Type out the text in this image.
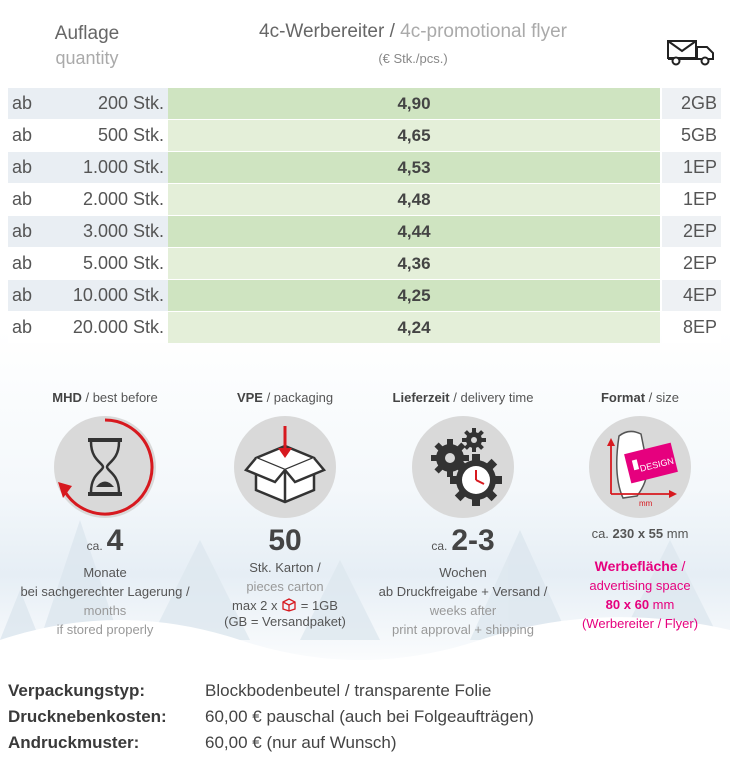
Auflage
quantity
4c-Werbereiter / 4c-promotional flyer
(€ Stk./pcs.)
ab	200 Stk.	4,90	2GB
ab	500 Stk.	4,65	5GB
ab	1.000 Stk.	4,53	1EP
ab	2.000 Stk.	4,48	1EP
ab	3.000 Stk.	4,44	2EP
ab	5.000 Stk.	4,36	2EP
ab	10.000 Stk.	4,25	4EP
ab	20.000 Stk.	4,24	8EP
MHD / best before
ca. 4
Monate
bei sachgerechter Lagerung /
months
if stored properly
VPE / packaging
50
Stk. Karton /
pieces carton
max 2 x  = 1GB
(GB = Versandpaket)
Lieferzeit / delivery time
ca. 2-3
Wochen
ab Druckfreigabe + Versand /
weeks after
print approval + shipping
Format / size
DESIGN
mm
ca. 230 x 55 mm
Werbefläche /
advertising space
80 x 60 mm
(Werbereiter / Flyer)
Verpackungstyp:	Blockbodenbeutel / transparente Folie
Drucknebenkosten: 60,00 € pauschal (auch bei Folgeaufträgen)
Andruckmuster:	60,00 € (nur auf Wunsch)
